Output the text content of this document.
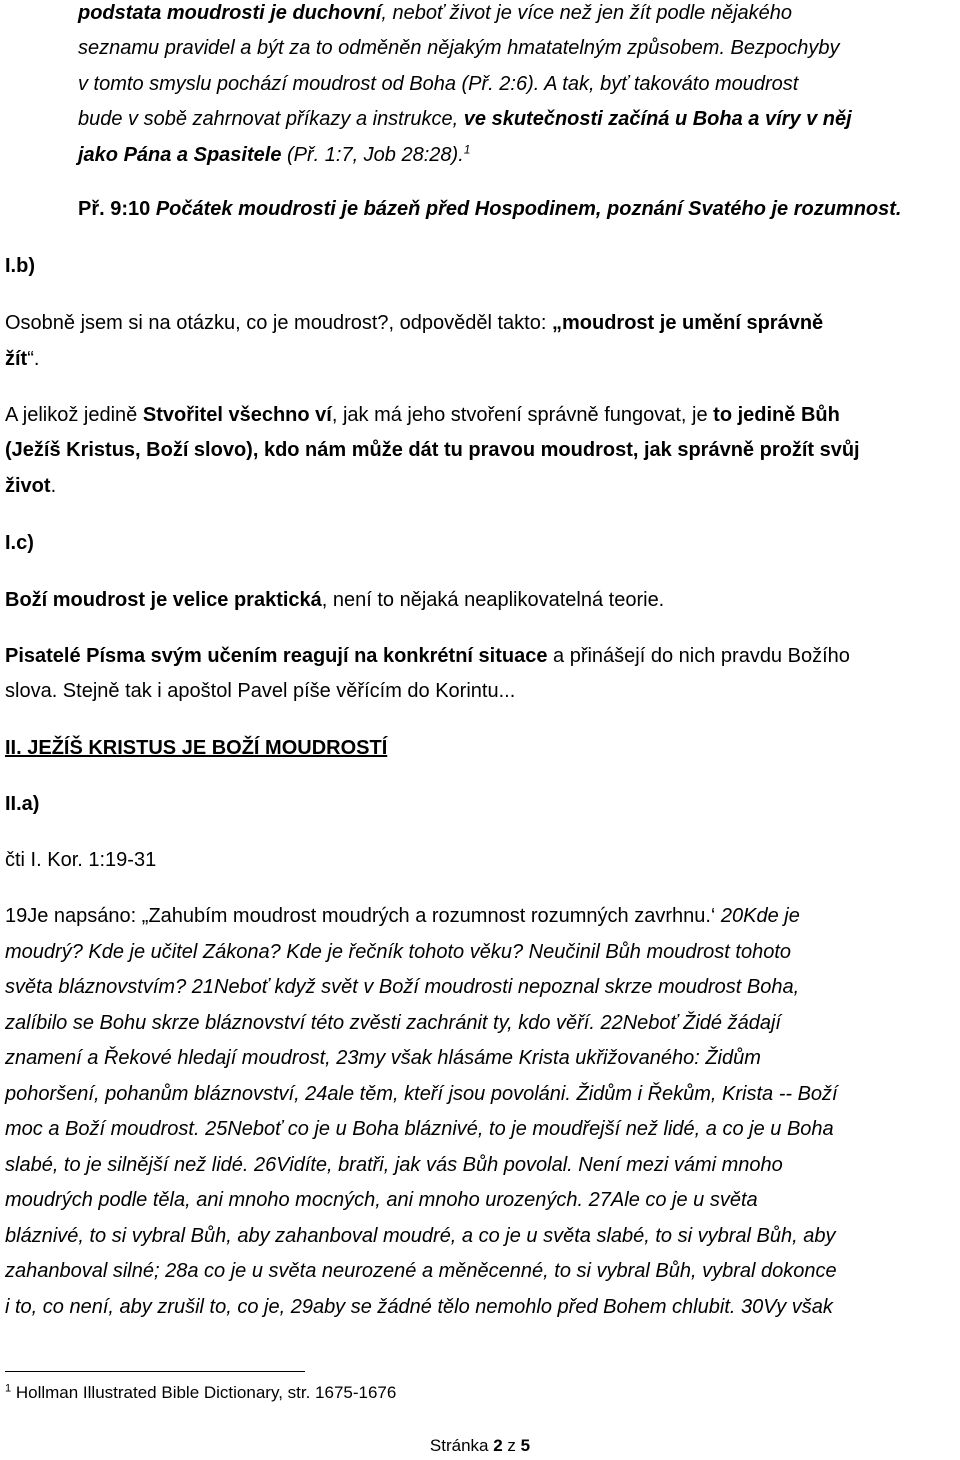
podstata moudrosti je duchovní, neboť život je více než jen žít podle nějakého
seznamu pravidel a být za to odměněn nějakým hmatatelným způsobem. Bezpochyby
v tomto smyslu pochází moudrost od Boha (Př. 2:6). A tak, byť takováto moudrost
bude v sobě zahrnovat příkazy a instrukce, ve skutečnosti začíná u Boha a víry v něj
jako Pána a Spasitele (Př. 1:7, Job 28:28).$^1$
Př. 9:10 Počátek moudrosti je bázeň před Hospodinem, poznání Svatého je rozumnost.
I.b)
Osobně jsem si na otázku, co je moudrost?, odpověděl takto: „moudrost je umění správně
žít“.
A jelikož jedině Stvořitel všechno ví, jak má jeho stvoření správně fungovat, je to jedině Bůh
(Ježíš Kristus, Boží slovo), kdo nám může dát tu pravou moudrost, jak správně prožít svůj
život.
I.c)
Boží moudrost je velice praktická, není to nějaká neaplikovatelná teorie.
Pisatelé Písma svým učením reagují na konkrétní situace a přinášejí do nich pravdu Božího
slova. Stejně tak i apoštol Pavel píše věřícím do Korintu...
II. JEŽÍŠ KRISTUS JE BOŽÍ MOUDROSTÍ
II.a)
čti I. Kor. 1:19-31
19Je napsáno: „Zahubím moudrost moudrých a rozumnost rozumných zavrhnu.‘ 20Kde je
moudrý? Kde je učitel Zákona? Kde je řečník tohoto věku? Neučinil Bůh moudrost tohoto
světa bláznovstvím? 21Neboť když svět v Boží moudrosti nepoznal skrze moudrost Boha,
zalíbilo se Bohu skrze bláznovství této zvěsti zachránit ty, kdo věří. 22Neboť Židé žádají
znamení a Řekové hledají moudrost, 23my však hlásáme Krista ukřižovaného: Židům
pohoršení, pohanům bláznovství, 24ale těm, kteří jsou povoláni. Židům i Řekům, Krista -- Boží
moc a Boží moudrost. 25Neboť co je u Boha bláznivé, to je moudřejší než lidé, a co je u Boha
slabé, to je silnější než lidé. 26Vidíte, bratři, jak vás Bůh povolal. Není mezi vámi mnoho
moudrých podle těla, ani mnoho mocných, ani mnoho urozených. 27Ale co je u světa
bláznivé, to si vybral Bůh, aby zahanboval moudré, a co je u světa slabé, to si vybral Bůh, aby
zahanboval silné; 28a co je u světa neurozené a měněcenné, to si vybral Bůh, vybral dokonce
i to, co není, aby zrušil to, co je, 29aby se žádné tělo nemohlo před Bohem chlubit. 30Vy však
$^1$ Hollman Illustrated Bible Dictionary, str. 1675-1676
Stránka 2 z 5
